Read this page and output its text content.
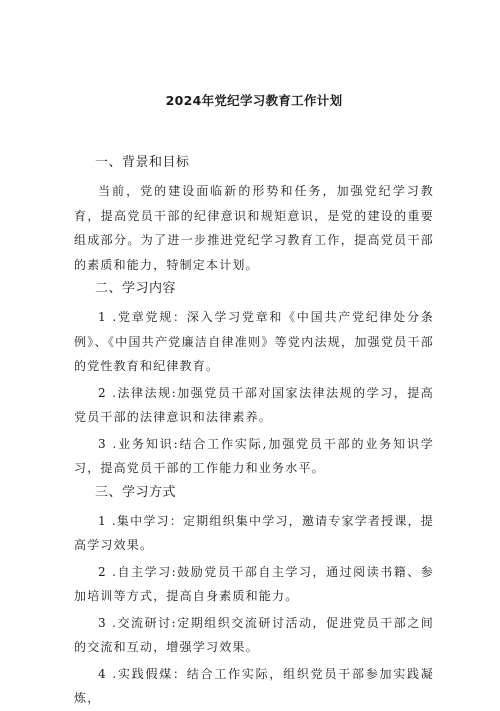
2024年党纪学习教育工作计划
一、背景和目标

当前，党的建设面临新的形势和任务，加强党纪学习教育，提高党员干部的纪律意识和规矩意识，是党的建设的重要组成部分。为了进一步推进党纪学习教育工作，提高党员干部的素质和能力，特制定本计划。

二、学习内容

1 .党章党规：深入学习党章和《中国共产党纪律处分条例》、《中国共产党廉洁自律准则》等党内法规，加强党员干部的党性教育和纪律教育。

2 .法律法规:加强党员干部对国家法律法规的学习，提高党员干部的法律意识和法律素养。

3 .业务知识:结合工作实际,加强党员干部的业务知识学习，提高党员干部的工作能力和业务水平。

三、学习方式

1 .集中学习：定期组织集中学习，邀请专家学者授课，提高学习效果。

2 .自主学习:鼓励党员干部自主学习，通过阅读书籍、参加培训等方式，提高自身素质和能力。

3 .交流研讨:定期组织交流研讨活动，促进党员干部之间的交流和互动，增强学习效果。

4 .实践假煤：结合工作实际，组织党员干部参加实践凝炼，
